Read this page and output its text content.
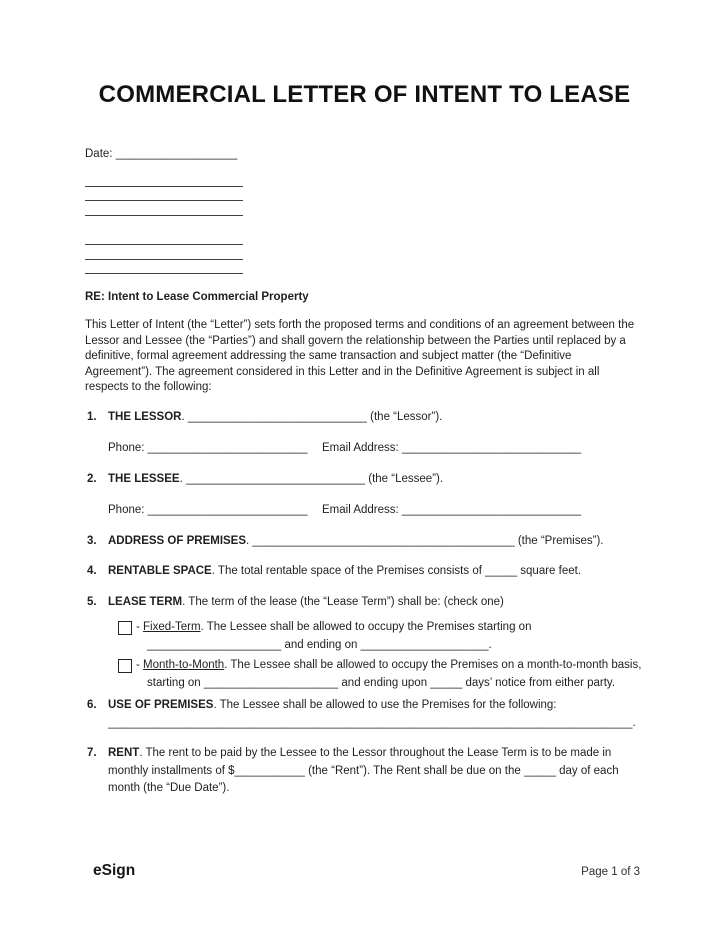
COMMERCIAL LETTER OF INTENT TO LEASE
Date: ___________________
RE: Intent to Lease Commercial Property
This Letter of Intent (the “Letter”) sets forth the proposed terms and conditions of an agreement between the Lessor and Lessee (the “Parties”) and shall govern the relationship between the Parties until replaced by a definitive, formal agreement addressing the same transaction and subject matter (the “Definitive Agreement”). The agreement considered in this Letter and in the Definitive Agreement is subject in all respects to the following:
1. THE LESSOR. ____________________________ (the “Lessor”).
Phone: _________________________ Email Address: ____________________________
2. THE LESSEE. ____________________________ (the “Lessee”).
Phone: _________________________ Email Address: ____________________________
3. ADDRESS OF PREMISES. _________________________________________ (the “Premises”).
4. RENTABLE SPACE. The total rentable space of the Premises consists of _____ square feet.
5. LEASE TERM. The term of the lease (the “Lease Term”) shall be: (check one)
- Fixed-Term. The Lessee shall be allowed to occupy the Premises starting on _____________________ and ending on ____________________.
- Month-to-Month. The Lessee shall be allowed to occupy the Premises on a month-to-month basis, starting on _____________________ and ending upon _____ days’ notice from either party.
6. USE OF PREMISES. The Lessee shall be allowed to use the Premises for the following:
__________________________________________________________________________________.
7. RENT. The rent to be paid by the Lessee to the Lessor throughout the Lease Term is to be made in monthly installments of $___________ (the “Rent”). The Rent shall be due on the _____ day of each month (the “Due Date”).
eSign	Page 1 of 3
